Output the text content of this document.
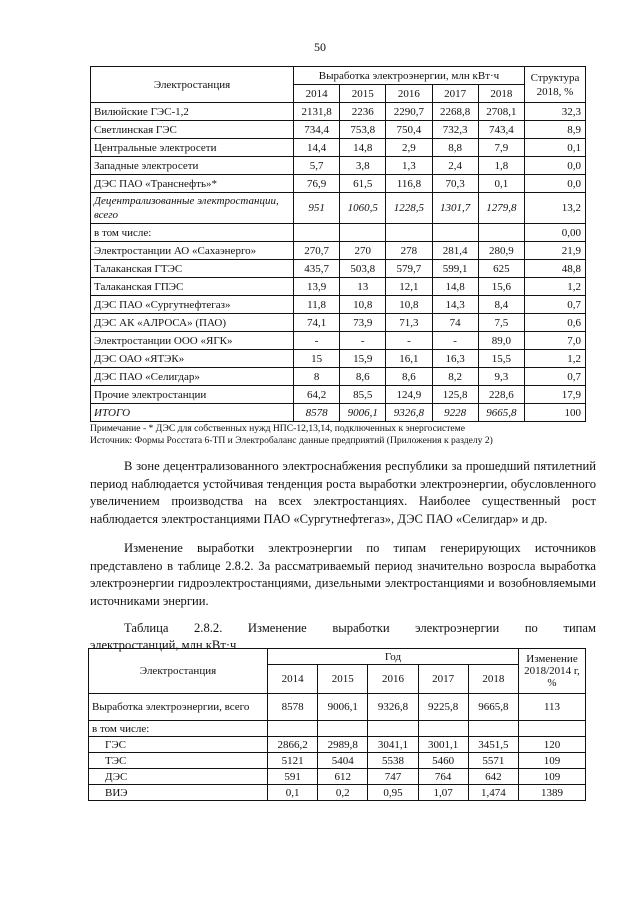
50
Электростанция	Выработка электроэнергии, млн кВт·ч					Структура 2018, %
	2014	2015	2016	2017	2018	
Вилюйские ГЭС-1,2	2131,8	2236	2290,7	2268,8	2708,1	32,3
Светлинская ГЭС	734,4	753,8	750,4	732,3	743,4	8,9
Центральные электросети	14,4	14,8	2,9	8,8	7,9	0,1
Западные электросети	5,7	3,8	1,3	2,4	1,8	0,0
ДЭС ПАО «Транснефть»*	76,9	61,5	116,8	70,3	0,1	0,0
Децентрализованные электростанции, всего	951	1060,5	1228,5	1301,7	1279,8	13,2
в том числе:						0,00
Электростанции АО «Сахаэнерго»	270,7	270	278	281,4	280,9	21,9
Талаканская ГТЭС	435,7	503,8	579,7	599,1	625	48,8
Талаканская ГПЭС	13,9	13	12,1	14,8	15,6	1,2
ДЭС ПАО «Сургутнефтегаз»	11,8	10,8	10,8	14,3	8,4	0,7
ДЭС АК «АЛРОСА» (ПАО)	74,1	73,9	71,3	74	7,5	0,6
Электростанции ООО «ЯГК»	-	-	-	-	89,0	7,0
ДЭС ОАО «ЯТЭК»	15	15,9	16,1	16,3	15,5	1,2
ДЭС ПАО «Селигдар»	8	8,6	8,6	8,2	9,3	0,7
Прочие электростанции	64,2	85,5	124,9	125,8	228,6	17,9
ИТОГО	8578	9006,1	9326,8	9228	9665,8	100
Примечание - * ДЭС для собственных нужд НПС-12,13,14, подключенных к энергосистеме
Источник: Формы Росстата 6-ТП и Электробаланс данные предприятий (Приложения к разделу 2)
В зоне децентрализованного электроснабжения республики за прошедший пятилетний период наблюдается устойчивая тенденция роста выработки электроэнергии, обусловленного увеличением производства на всех электростанциях. Наиболее существенный рост наблюдается электростанциями ПАО «Сургутнефтегаз», ДЭС ПАО «Селигдар» и др.
Изменение выработки электроэнергии по типам генерирующих источников представлено в таблице 2.8.2. За рассматриваемый период значительно возросла выработка электроэнергии гидроэлектростанциями, дизельными электростанциями и возобновляемыми источниками энергии.
Таблица 2.8.2. Изменение выработки электроэнергии по типам
электростанций, млн кВт·ч
Электростанция	Год					Изменение 2018/2014 г, %
	2014	2015	2016	2017	2018	
Выработка электроэнергии, всего	8578	9006,1	9326,8	9225,8	9665,8	113
в том числе:						
ГЭС	2866,2	2989,8	3041,1	3001,1	3451,5	120
ТЭС	5121	5404	5538	5460	5571	109
ДЭС	591	612	747	764	642	109
ВИЭ	0,1	0,2	0,95	1,07	1,474	1389
